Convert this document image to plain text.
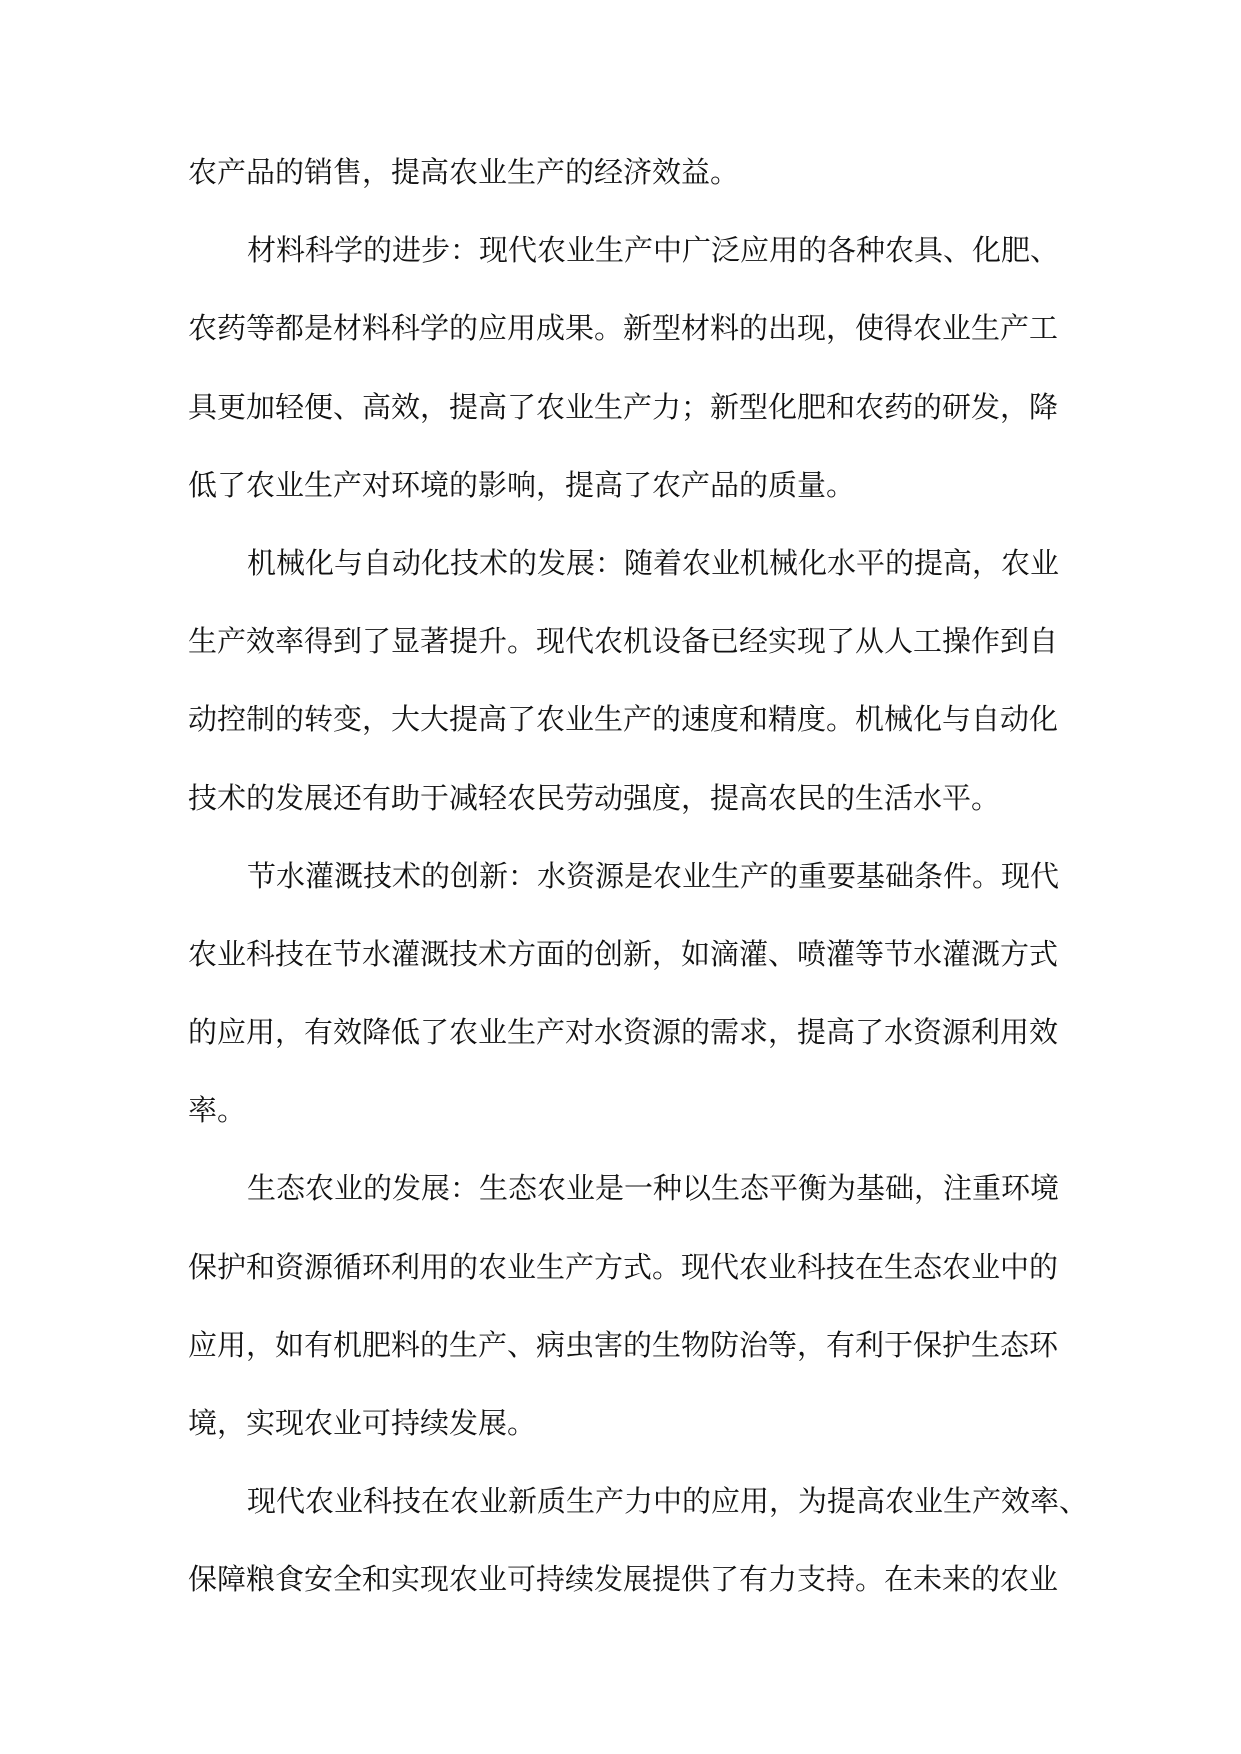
农产品的销售，提高农业生产的经济效益。
材料科学的进步：现代农业生产中广泛应用的各种农具、化肥、
农药等都是材料科学的应用成果。新型材料的出现，使得农业生产工
具更加轻便、高效，提高了农业生产力；新型化肥和农药的研发，降
低了农业生产对环境的影响，提高了农产品的质量。
机械化与自动化技术的发展：随着农业机械化水平的提高，农业
生产效率得到了显著提升。现代农机设备已经实现了从人工操作到自
动控制的转变，大大提高了农业生产的速度和精度。机械化与自动化
技术的发展还有助于减轻农民劳动强度，提高农民的生活水平。
节水灌溉技术的创新：水资源是农业生产的重要基础条件。现代
农业科技在节水灌溉技术方面的创新，如滴灌、喷灌等节水灌溉方式
的应用，有效降低了农业生产对水资源的需求，提高了水资源利用效
率。
生态农业的发展：生态农业是一种以生态平衡为基础，注重环境
保护和资源循环利用的农业生产方式。现代农业科技在生态农业中的
应用，如有机肥料的生产、病虫害的生物防治等，有利于保护生态环
境，实现农业可持续发展。
现代农业科技在农业新质生产力中的应用，为提高农业生产效率、
保障粮食安全和实现农业可持续发展提供了有力支持。在未来的农业
